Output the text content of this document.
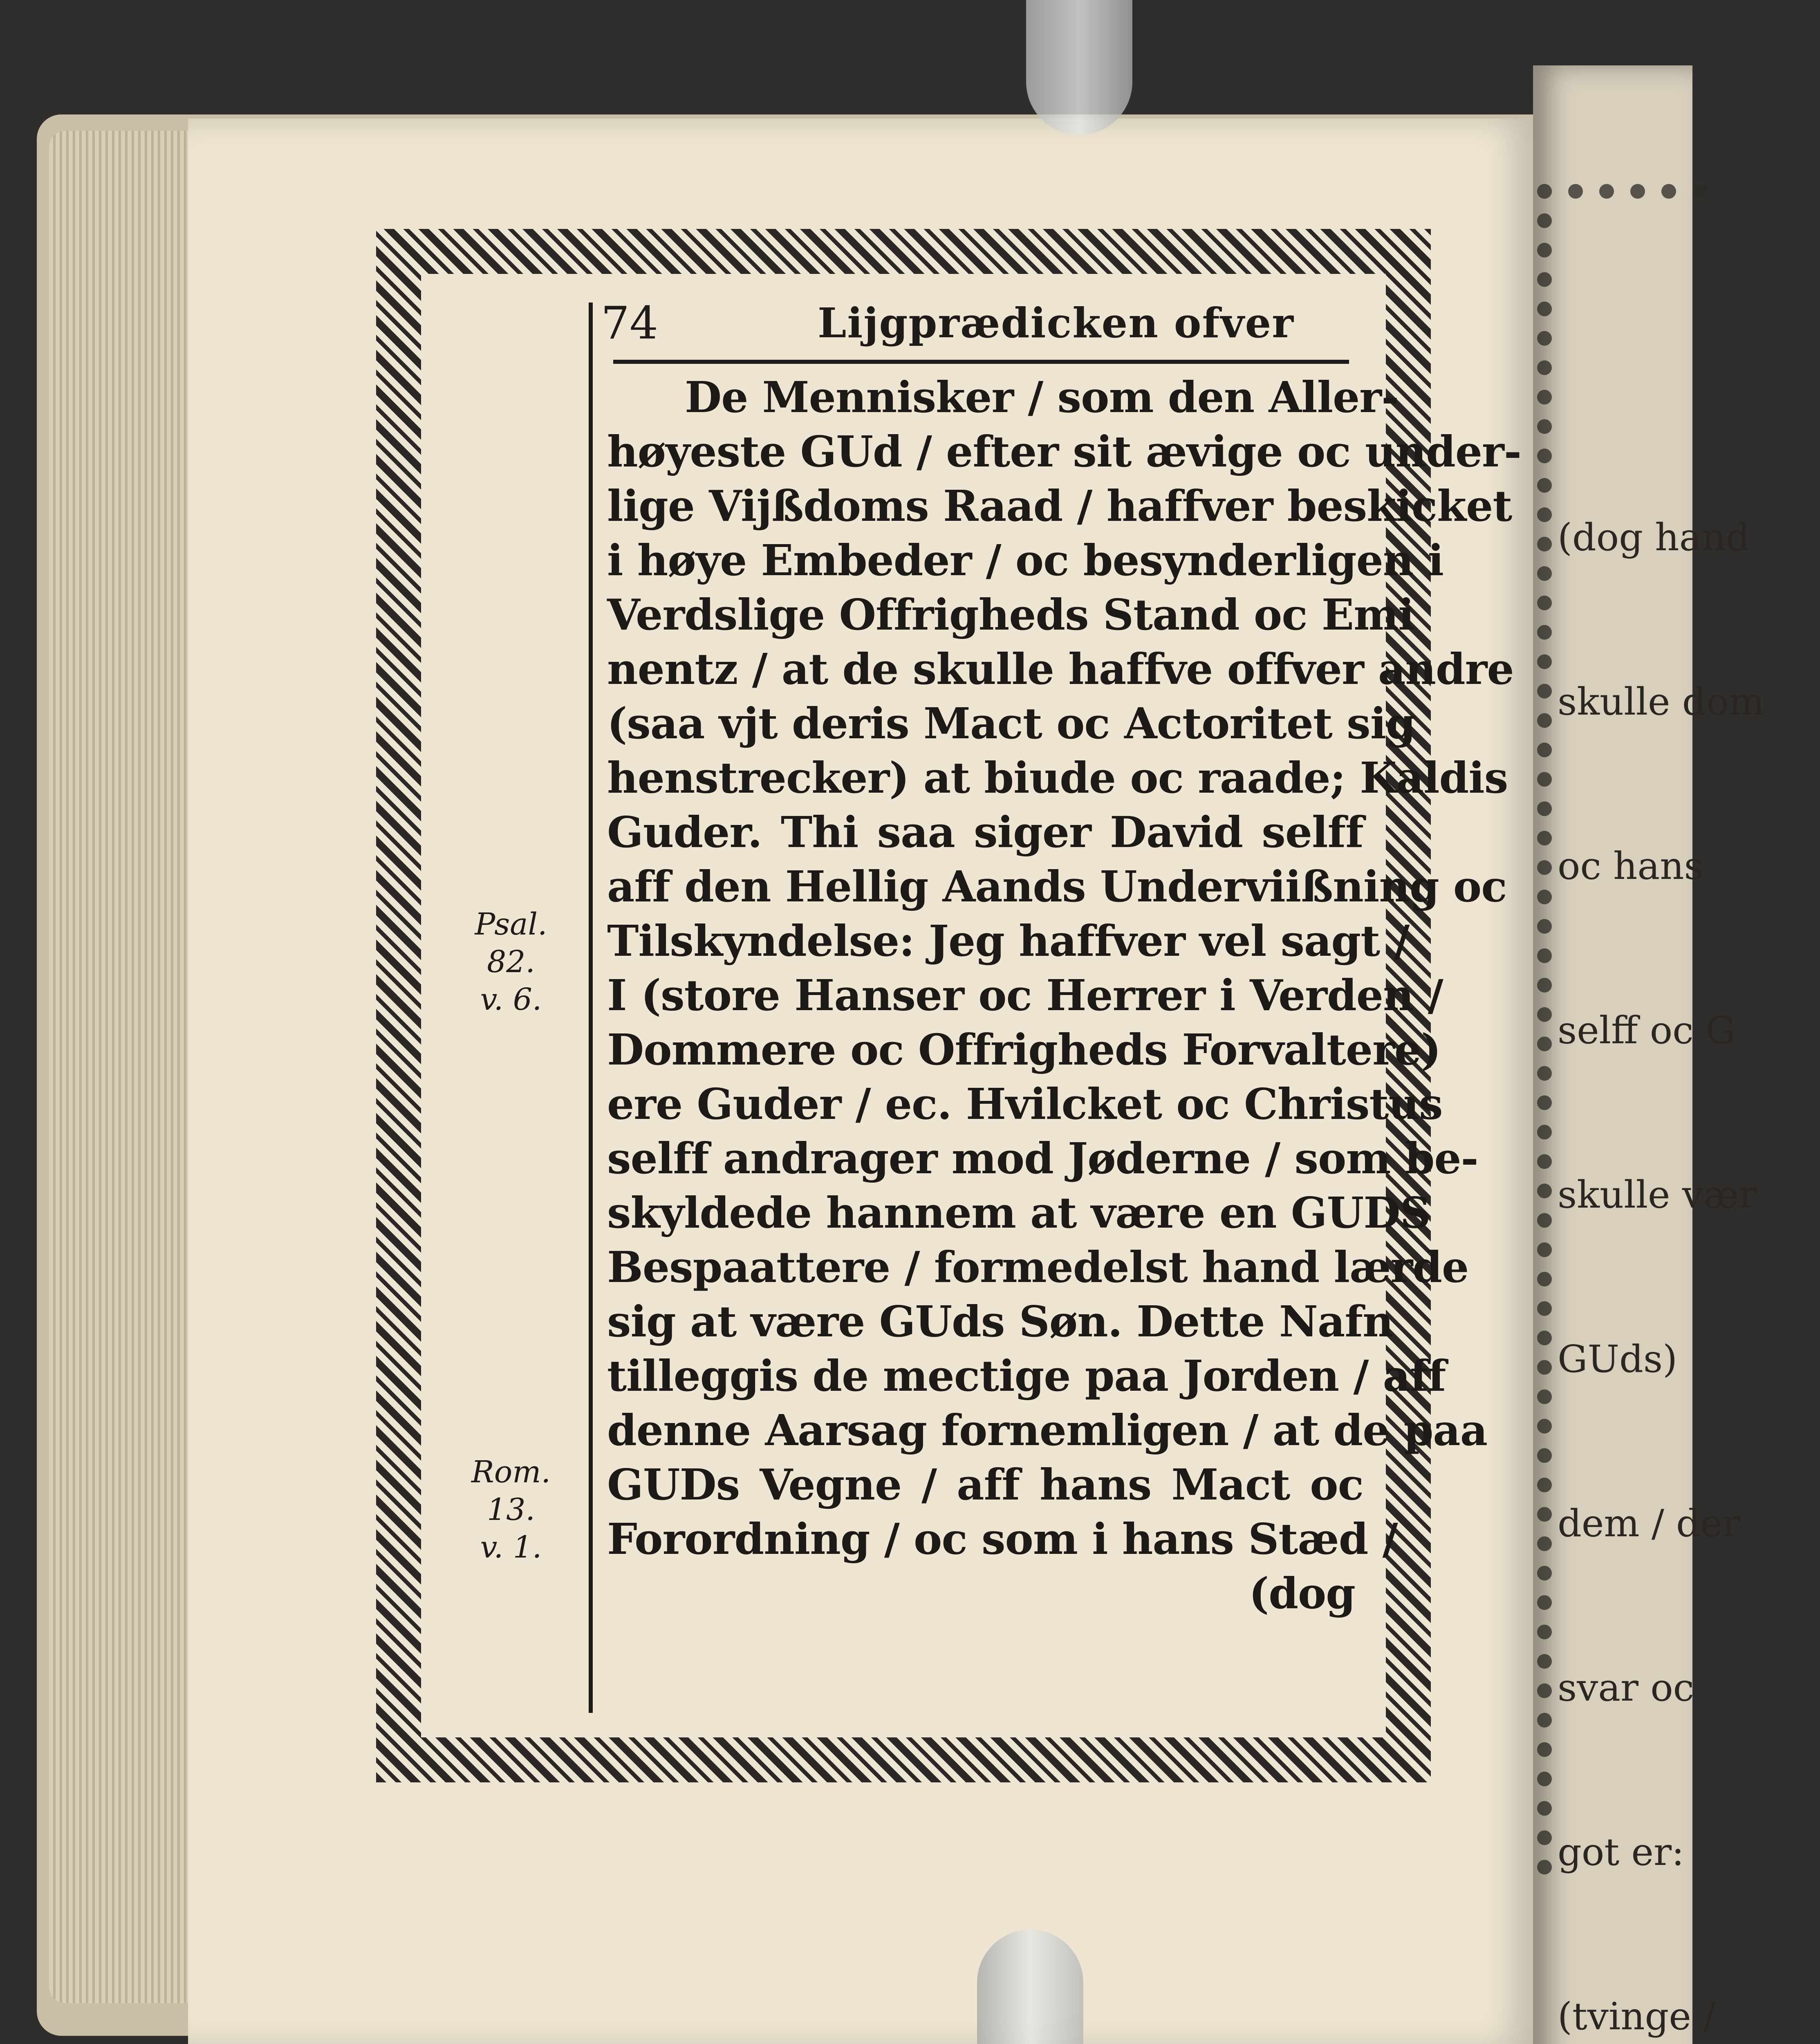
(dog hand

skulle dom

oc hans

selff oc G

skulle vær

GUds)

dem / der

svar oc

got er:

(tvinge /

74	Lijgprædicken ofver
Psal. 82.
v. 6.
Rom. 13.
v. 1.
De Mennisker / som den Aller-
høyeste GUd / efter sit ævige oc under-
lige Vijßdoms Raad / haffver beskicket
i høye Embeder / oc besynderligen i
Verdslige Offrigheds Stand oc Emi
nentz / at de skulle haffve offver andre
(saa vjt deris Mact oc Actoritet sig
henstrecker) at biude oc raade; Kaldis
Guder. Thi saa siger David selff
aff den Hellig Aands Underviißning oc
Tilskyndelse: Jeg haffver vel sagt /
I (store Hanser oc Herrer i Verden /
Dommere oc Offrigheds Forvaltere)
ere Guder / ec. Hvilcket oc Christus
selff andrager mod Jøderne / som be-
skyldede hannem at være en GUDS
Bespaattere / formedelst hand lærde
sig at være GUds Søn. Dette Nafn
tilleggis de mectige paa Jorden / aff
denne Aarsag fornemligen / at de paa
GUDs Vegne / aff hans Mact oc
Forordning / oc som i hans Stæd /
(dog
